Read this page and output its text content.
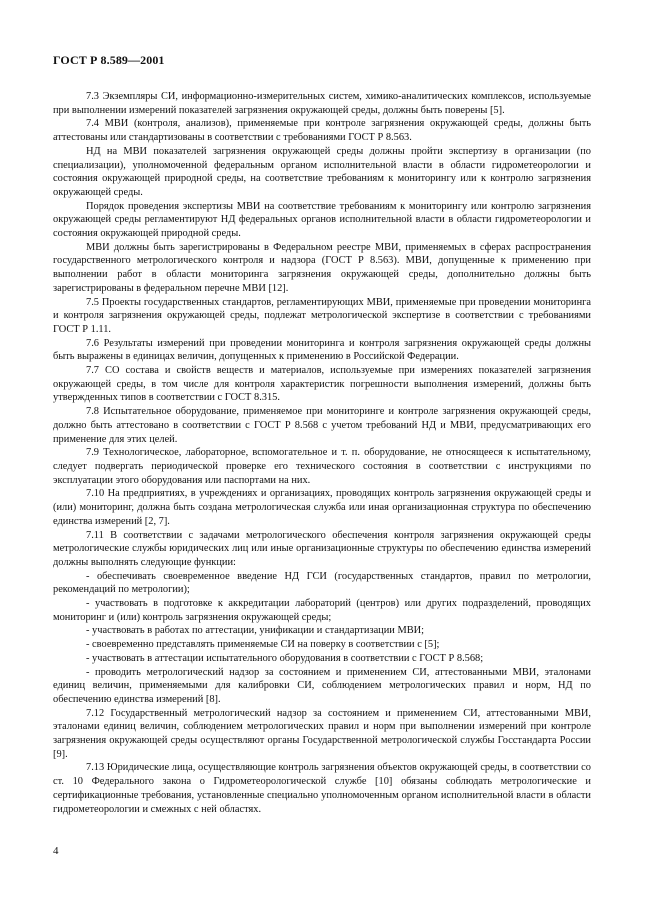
ГОСТ Р 8.589—2001

7.3 Экземпляры СИ, информационно-измерительных систем, химико-аналитических комплексов, используемые при выполнении измерений показателей загрязнения окружающей среды, должны быть поверены [5].

7.4 МВИ (контроля, анализов), применяемые при контроле загрязнения окружающей среды, должны быть аттестованы или стандартизованы в соответствии с требованиями ГОСТ Р 8.563.

НД на МВИ показателей загрязнения окружающей среды должны пройти экспертизу в организации (по специализации), уполномоченной федеральным органом исполнительной власти в области гидрометеорологии и состояния окружающей природной среды, на соответствие требованиям к мониторингу или к контролю загрязнения окружающей среды.

Порядок проведения экспертизы МВИ на соответствие требованиям к мониторингу или контролю загрязнения окружающей среды регламентируют НД федеральных органов исполнительной власти в области гидрометеорологии и состояния окружающей природной среды.

МВИ должны быть зарегистрированы в Федеральном реестре МВИ, применяемых в сферах распространения государственного метрологического контроля и надзора (ГОСТ Р 8.563). МВИ, допущенные к применению при выполнении работ в области мониторинга загрязнения окружающей среды, дополнительно должны быть зарегистрированы в федеральном перечне МВИ [12].

7.5 Проекты государственных стандартов, регламентирующих МВИ, применяемые при проведении мониторинга и контроля загрязнения окружающей среды, подлежат метрологической экспертизе в соответствии с требованиями ГОСТ Р 1.11.

7.6 Результаты измерений при проведении мониторинга и контроля загрязнения окружающей среды должны быть выражены в единицах величин, допущенных к применению в Российской Федерации.

7.7 СО состава и свойств веществ и материалов, используемые при измерениях показателей загрязнения окружающей среды, в том числе для контроля характеристик погрешности выполнения измерений, должны быть утвержденных типов в соответствии с ГОСТ 8.315.

7.8 Испытательное оборудование, применяемое при мониторинге и контроле загрязнения окружающей среды, должно быть аттестовано в соответствии с ГОСТ Р 8.568 с учетом требований НД и МВИ, предусматривающих его применение для этих целей.

7.9 Технологическое, лабораторное, вспомогательное и т. п. оборудование, не относящееся к испытательному, следует подвергать периодической проверке его технического состояния в соответствии с инструкциями по эксплуатации этого оборудования или паспортами на них.

7.10 На предприятиях, в учреждениях и организациях, проводящих контроль загрязнения окружающей среды и (или) мониторинг, должна быть создана метрологическая служба или иная организационная структура по обеспечению единства измерений [2, 7].

7.11 В соответствии с задачами метрологического обеспечения контроля загрязнения окружающей среды метрологические службы юридических лиц или иные организационные структуры по обеспечению единства измерений должны выполнять следующие функции:

- обеспечивать своевременное введение НД ГСИ (государственных стандартов, правил по метрологии, рекомендаций по метрологии);

- участвовать в подготовке к аккредитации лабораторий (центров) или других подразделений, проводящих мониторинг и (или) контроль загрязнения окружающей среды;

- участвовать в работах по аттестации, унификации и стандартизации МВИ;

- своевременно представлять применяемые СИ на поверку в соответствии с [5];

- участвовать в аттестации испытательного оборудования в соответствии с ГОСТ Р 8.568;

- проводить метрологический надзор за состоянием и применением СИ, аттестованными МВИ, эталонами единиц величин, применяемыми для калибровки СИ, соблюдением метрологических правил и норм, НД по обеспечению единства измерений [8].

7.12 Государственный метрологический надзор за состоянием и применением СИ, аттестованными МВИ, эталонами единиц величин, соблюдением метрологических правил и норм при выполнении измерений при контроле загрязнения окружающей среды осуществляют органы Государственной метрологической службы Госстандарта России [9].

7.13 Юридические лица, осуществляющие контроль загрязнения объектов окружающей среды, в соответствии со ст. 10 Федерального закона о Гидрометеорологической службе [10] обязаны соблюдать метрологические и сертификационные требования, установленные специально уполномоченным органом исполнительной власти в области гидрометеорологии и смежных с ней областях.

4
